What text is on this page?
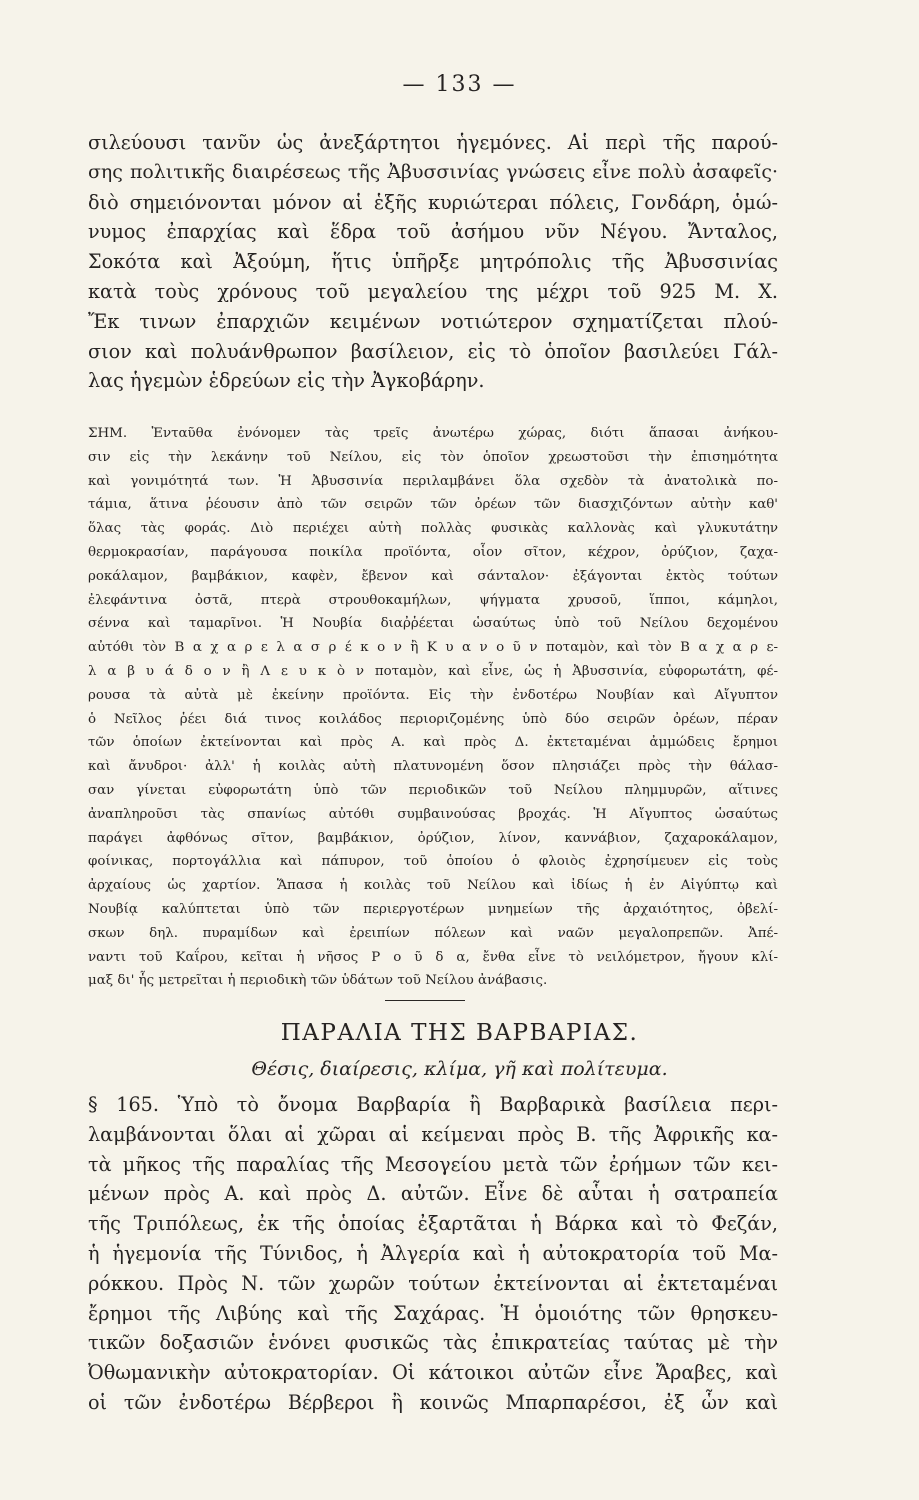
— 133 —
σιλεύουσι τανῦν ὡς ἀνεξάρτητοι ἡγεμόνες. Αἱ περὶ τῆς παρού-
σης πολιτικῆς διαιρέσεως τῆς Ἀβυσσινίας γνώσεις εἶνε πολὺ ἀσαφεῖς·
διὸ σημειόνονται μόνον αἱ ἑξῆς κυριώτεραι πόλεις, Γονδάρη, ὁμώ-
νυμος ἐπαρχίας καὶ ἕδρα τοῦ ἀσήμου νῦν Νέγου. Ἄνταλος,
Σοκότα καὶ Ἀξούμη, ἥτις ὑπῆρξε μητρόπολις τῆς Ἀβυσσινίας
κατὰ τοὺς χρόνους τοῦ μεγαλείου της μέχρι τοῦ 925 Μ. Χ.
Ἔκ τινων ἐπαρχιῶν κειμένων νοτιώτερον σχηματίζεται πλού-
σιον καὶ πολυάνθρωπον βασίλειον, εἰς τὸ ὁποῖον βασιλεύει Γάλ-
λας ἡγεμὼν ἑδρεύων εἰς τὴν Ἀγκοβάρην.
ΣΗΜ. Ἐνταῦθα ἐνόνομεν τὰς τρεῖς ἀνωτέρω χώρας, διότι ἅπασαι ἀνήκου-
σιν εἰς τὴν λεκάνην τοῦ Νείλου, εἰς τὸν ὁποῖον χρεωστοῦσι τὴν ἐπισημότητα
καὶ γονιμότητά των. Ἡ Ἀβυσσινία περιλαμβάνει ὅλα σχεδὸν τὰ ἀνατολικὰ πο-
τάμια, ἅτινα ῥέουσιν ἀπὸ τῶν σειρῶν τῶν ὀρέων τῶν διασχιζόντων αὐτὴν καθ'
ὅλας τὰς φοράς. Διὸ περιέχει αὐτὴ πολλὰς φυσικὰς καλλονὰς καὶ γλυκυτάτην
θερμοκρασίαν, παράγουσα ποικίλα προϊόντα, οἷον σῖτον, κέχρον, ὀρύζιον, ζαχα-
ροκάλαμον, βαμβάκιον, καφὲν, ἔβενον καὶ σάνταλον· ἐξάγονται ἐκτὸς τούτων
ἐλεφάντινα ὀστᾶ, πτερὰ στρουθοκαμήλων, ψήγματα χρυσοῦ, ἵπποι, κάμηλοι,
σέννα καὶ ταμαρῖνοι. Ἡ Νουβία διαῤῥέεται ὡσαύτως ὑπὸ τοῦ Νείλου δεχομένου
αὐτόθι τὸν Β α χ α ρ ε λ α σ ρ έ κ ο ν ἢ Κ υ α ν ο ῦ ν ποταμὸν, καὶ τὸν Β α χ α ρ ε-
λ α β υ ά δ ο ν ἢ Λ ε υ κ ὸ ν ποταμὸν, καὶ εἶνε, ὡς ἡ Ἀβυσσινία, εὐφορωτάτη, φέ-
ρουσα τὰ αὐτὰ μὲ ἐκείνην προϊόντα. Εἰς τὴν ἐνδοτέρω Νουβίαν καὶ Αἴγυπτον
ὁ Νεῖλος ῥέει διά τινος κοιλάδος περιοριζομένης ὑπὸ δύο σειρῶν ὀρέων, πέραν
τῶν ὁποίων ἐκτείνονται καὶ πρὸς Α. καὶ πρὸς Δ. ἐκτεταμέναι ἀμμώδεις ἔρημοι
καὶ ἄνυδροι· ἀλλ' ἡ κοιλὰς αὐτὴ πλατυνομένη ὅσον πλησιάζει πρὸς τὴν θάλασ-
σαν γίνεται εὐφορωτάτη ὑπὸ τῶν περιοδικῶν τοῦ Νείλου πλημμυρῶν, αἵτινες
ἀναπληροῦσι τὰς σπανίως αὐτόθι συμβαινούσας βροχάς. Ἡ Αἴγυπτος ὡσαύτως
παράγει ἀφθόνως σῖτον, βαμβάκιον, ὀρύζιον, λίνον, καννάβιον, ζαχαροκάλαμον,
φοίνικας, πορτογάλλια καὶ πάπυρον, τοῦ ὁποίου ὁ φλοιὸς ἐχρησίμευεν εἰς τοὺς
ἀρχαίους ὡς χαρτίον. Ἅπασα ἡ κοιλὰς τοῦ Νείλου καὶ ἰδίως ἡ ἐν Αἰγύπτῳ καὶ
Νουβίᾳ καλύπτεται ὑπὸ τῶν περιεργοτέρων μνημείων τῆς ἀρχαιότητος, ὀβελί-
σκων δηλ. πυραμίδων καὶ ἐρειπίων πόλεων καὶ ναῶν μεγαλοπρεπῶν. Ἀπέ-
ναντι τοῦ Καΐρου, κεῖται ἡ νῆσος Ρ ο ῦ δ α, ἔνθα εἶνε τὸ νειλόμετρον, ἤγουν κλί-
μαξ δι' ἧς μετρεῖται ἡ περιοδικὴ τῶν ὑδάτων τοῦ Νείλου ἀνάβασις.
ΠΑΡΑΛΙΑ ΤΗΣ ΒΑΡΒΑΡΙΑΣ.
Θέσις, διαίρεσις, κλίμα, γῆ καὶ πολίτευμα.
§ 165. Ὑπὸ τὸ ὄνομα Βαρβαρία ἢ Βαρβαρικὰ βασίλεια περι-
λαμβάνονται ὅλαι αἱ χῶραι αἱ κείμεναι πρὸς Β. τῆς Ἀφρικῆς κα-
τὰ μῆκος τῆς παραλίας τῆς Μεσογείου μετὰ τῶν ἐρήμων τῶν κει-
μένων πρὸς Α. καὶ πρὸς Δ. αὐτῶν. Εἶνε δὲ αὗται ἡ σατραπεία
τῆς Τριπόλεως, ἐκ τῆς ὁποίας ἐξαρτᾶται ἡ Βάρκα καὶ τὸ Φεζάν,
ἡ ἡγεμονία τῆς Τύνιδος, ἡ Ἀλγερία καὶ ἡ αὐτοκρατορία τοῦ Μα-
ρόκκου. Πρὸς Ν. τῶν χωρῶν τούτων ἐκτείνονται αἱ ἐκτεταμέναι
ἔρημοι τῆς Λιβύης καὶ τῆς Σαχάρας. Ἡ ὁμοιότης τῶν θρησκευ-
τικῶν δοξασιῶν ἑνόνει φυσικῶς τὰς ἐπικρατείας ταύτας μὲ τὴν
Ὀθωμανικὴν αὐτοκρατορίαν. Οἱ κάτοικοι αὐτῶν εἶνε Ἄραβες, καὶ
οἱ τῶν ἐνδοτέρω Βέρβεροι ἢ κοινῶς Μπαρπαρέσοι, ἐξ ὧν καὶ
